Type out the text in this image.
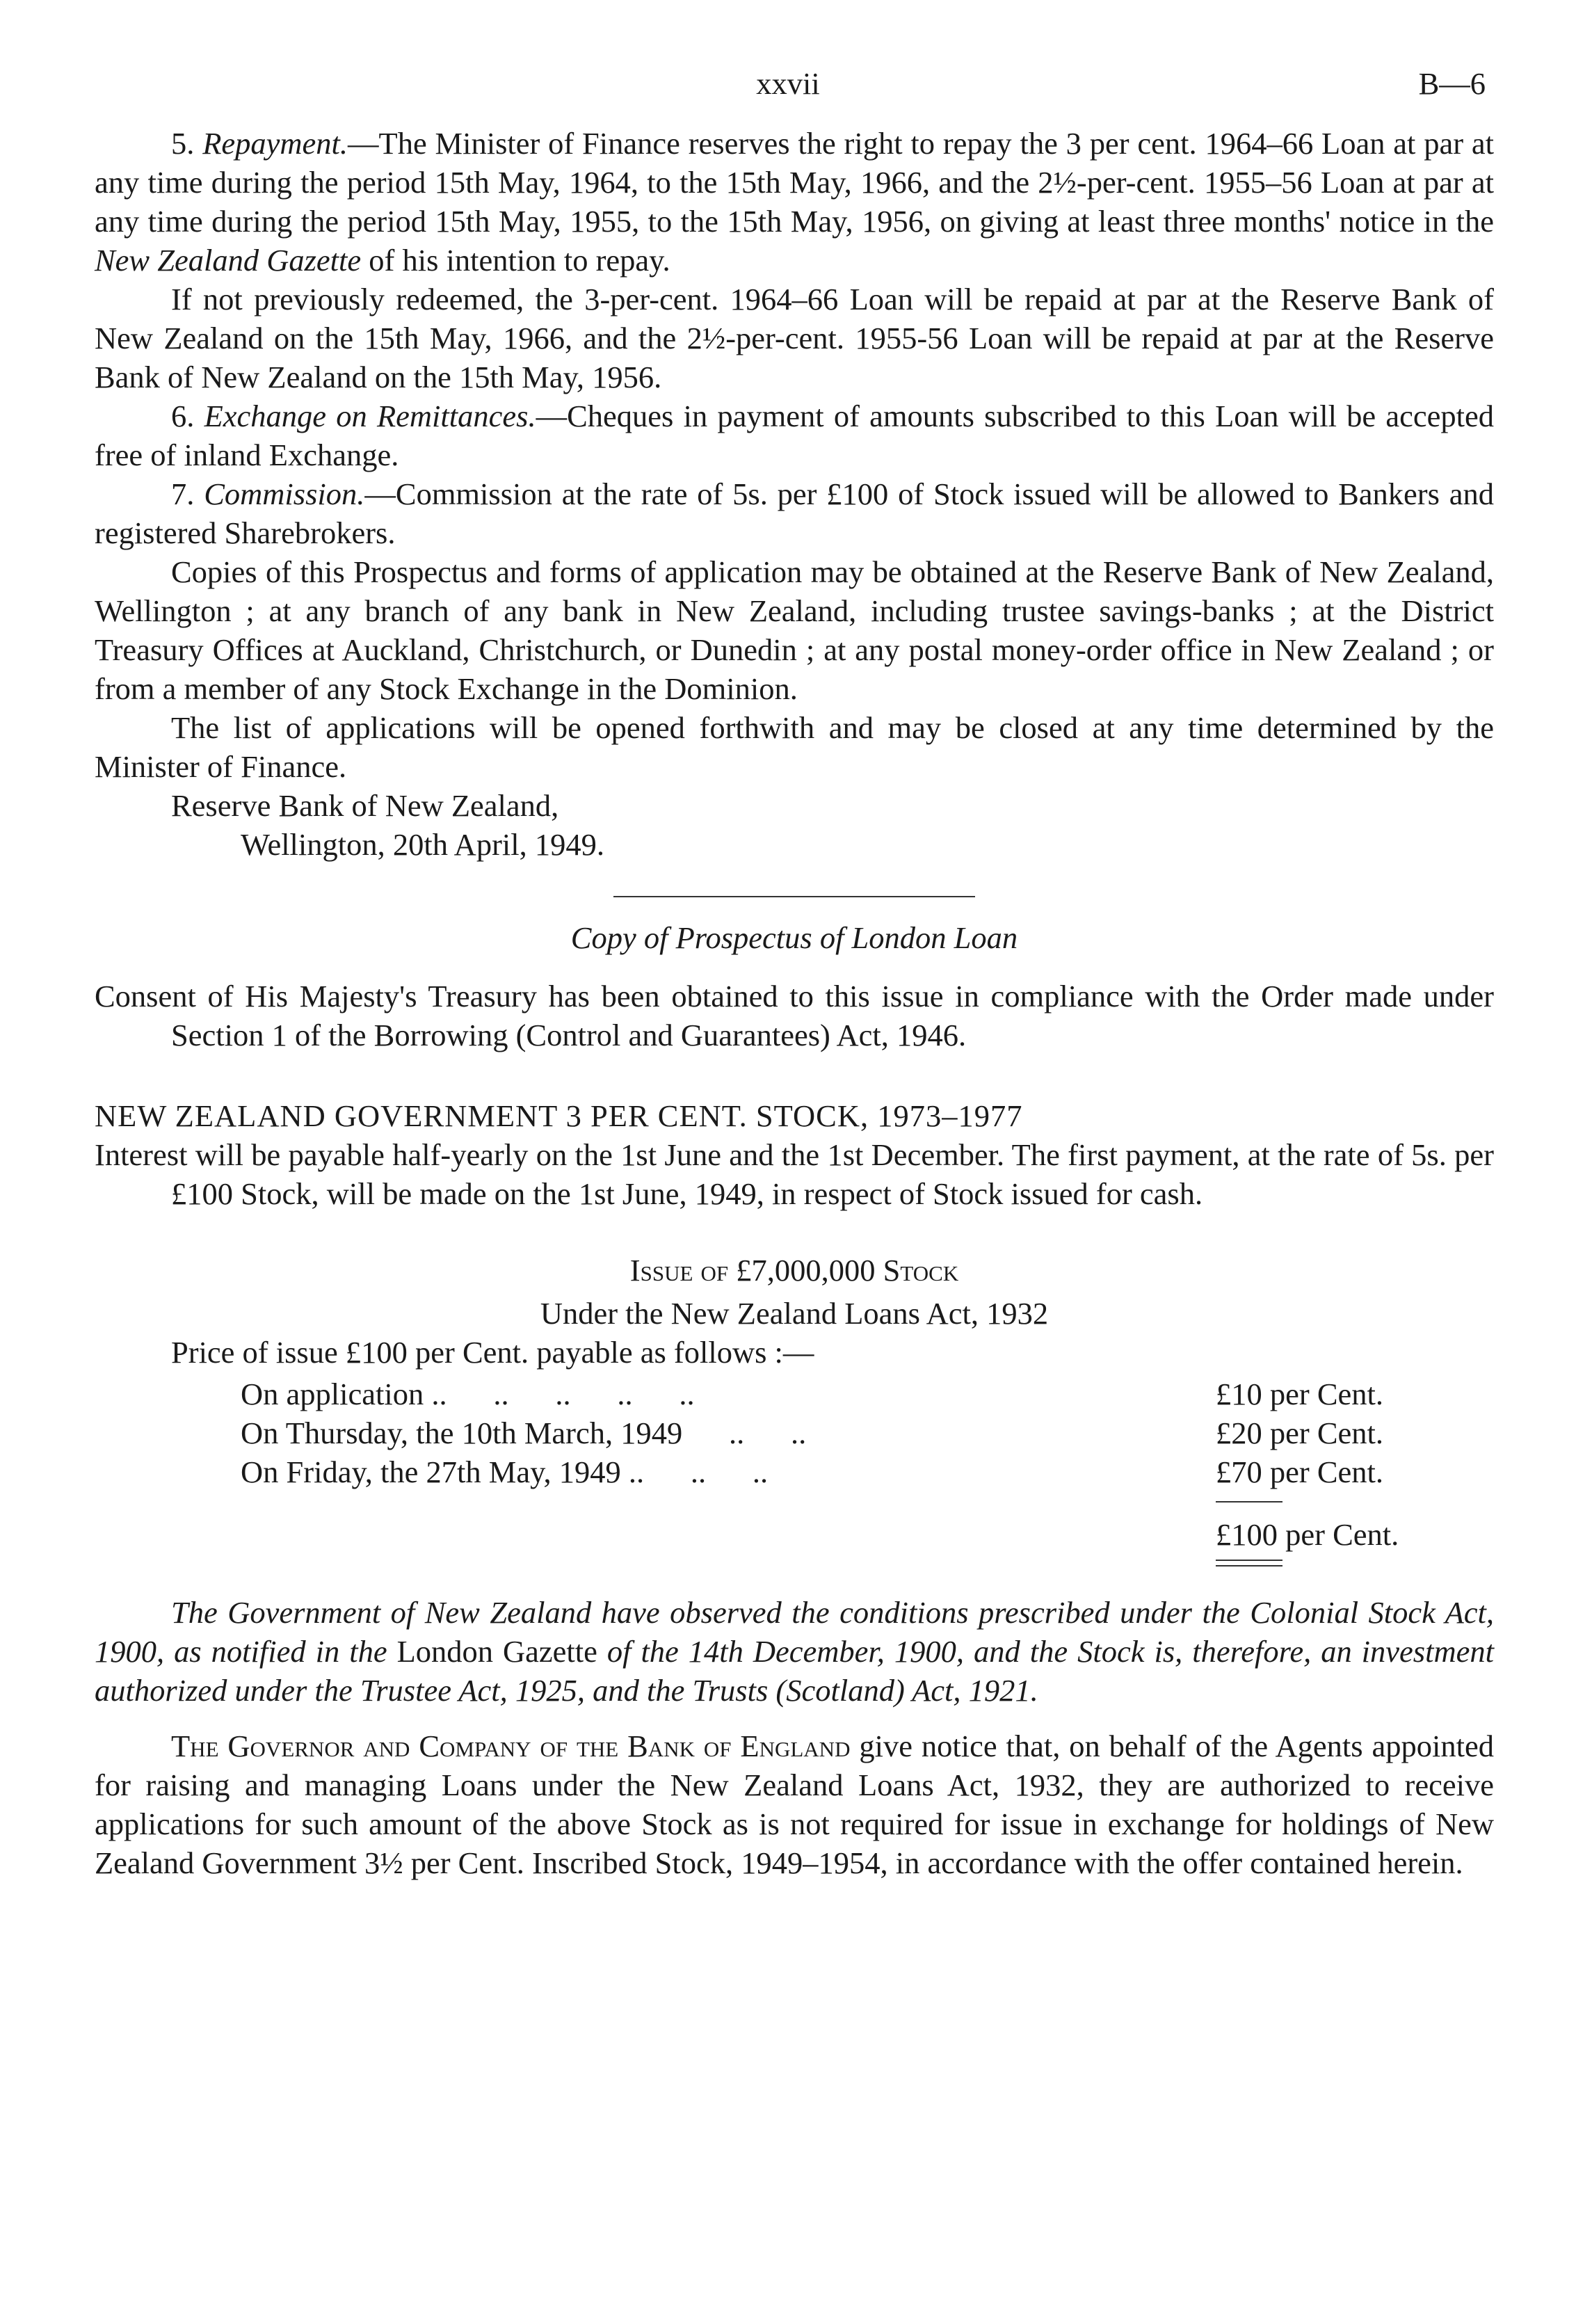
xxvii	B—6

5. Repayment.—The Minister of Finance reserves the right to repay the 3 per cent. 1964–66 Loan at par at any time during the period 15th May, 1964, to the 15th May, 1966, and the 2½-per-cent. 1955–56 Loan at par at any time during the period 15th May, 1955, to the 15th May, 1956, on giving at least three months' notice in the New Zealand Gazette of his intention to repay.

If not previously redeemed, the 3-per-cent. 1964–66 Loan will be repaid at par at the Reserve Bank of New Zealand on the 15th May, 1966, and the 2½-per-cent. 1955-56 Loan will be repaid at par at the Reserve Bank of New Zealand on the 15th May, 1956.

6. Exchange on Remittances.—Cheques in payment of amounts subscribed to this Loan will be accepted free of inland Exchange.

7. Commission.—Commission at the rate of 5s. per £100 of Stock issued will be allowed to Bankers and registered Sharebrokers.

Copies of this Prospectus and forms of application may be obtained at the Reserve Bank of New Zealand, Wellington ; at any branch of any bank in New Zealand, including trustee savings-banks ; at the District Treasury Offices at Auckland, Christchurch, or Dunedin ; at any postal money-order office in New Zealand ; or from a member of any Stock Exchange in the Dominion.

The list of applications will be opened forthwith and may be closed at any time determined by the Minister of Finance.

Reserve Bank of New Zealand,

Wellington, 20th April, 1949.

Copy of Prospectus of London Loan

Consent of His Majesty's Treasury has been obtained to this issue in compliance with the Order made under Section 1 of the Borrowing (Control and Guarantees) Act, 1946.

NEW ZEALAND GOVERNMENT 3 PER CENT. STOCK, 1973–1977

Interest will be payable half-yearly on the 1st June and the 1st December. The first payment, at the rate of 5s. per £100 Stock, will be made on the 1st June, 1949, in respect of Stock issued for cash.

Issue of £7,000,000 Stock

Under the New Zealand Loans Act, 1932

Price of issue £100 per Cent. payable as follows :—

On application ..      ..      ..      ..      ..	£10 per Cent.
On Thursday, the 10th March, 1949      ..      ..	£20 per Cent.
On Friday, the 27th May, 1949 ..      ..      ..	£70 per Cent.
£100 per Cent.

The Government of New Zealand have observed the conditions prescribed under the Colonial Stock Act, 1900, as notified in the London Gazette of the 14th December, 1900, and the Stock is, therefore, an investment authorized under the Trustee Act, 1925, and the Trusts (Scotland) Act, 1921.

The Governor and Company of the Bank of England give notice that, on behalf of the Agents appointed for raising and managing Loans under the New Zealand Loans Act, 1932, they are authorized to receive applications for such amount of the above Stock as is not required for issue in exchange for holdings of New Zealand Government 3½ per Cent. Inscribed Stock, 1949–1954, in accordance with the offer contained herein.
